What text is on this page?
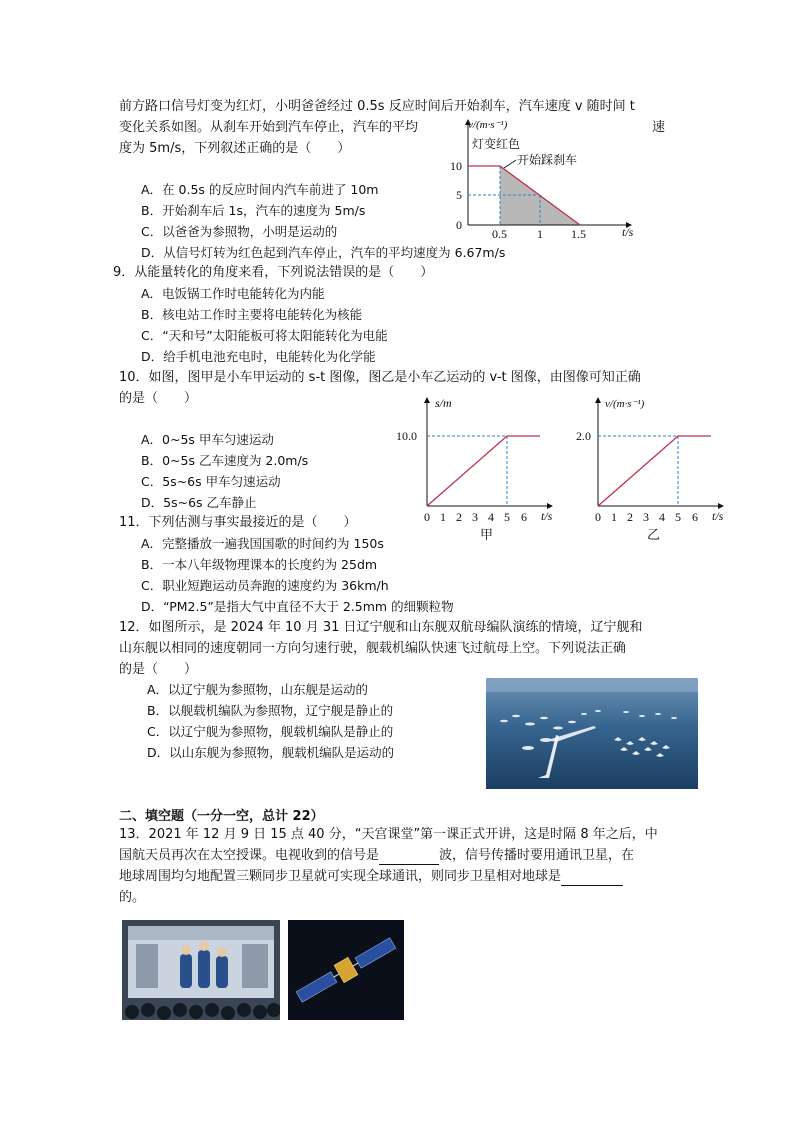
前方路口信号灯变为红灯，小明爸爸经过 0.5s 反应时间后开始刹车，汽车速度 v 随时间 t
变化关系如图。从刹车开始到汽车停止，汽车的平均	速
度为 5m/s，下列叙述正确的是（　　）
A．在 0.5s 的反应时间内汽车前进了 10m
B．开始刹车后 1s，汽车的速度为 5m/s
C．以爸爸为参照物，小明是运动的
D．从信号灯转为红色起到汽车停止，汽车的平均速度为 6.67m/s
v/(m·s⁻¹)
灯变红色
开始踩刹车
10
5
0
0.5	1 1.5	t/s
9．从能量转化的角度来看，下列说法错误的是（　　）
A．电饭锅工作时电能转化为内能
B．核电站工作时主要将电能转化为核能
C．“天和号”太阳能板可将太阳能转化为电能
D．给手机电池充电时，电能转化为化学能
10．如图，图甲是小车甲运动的 s-t 图像，图乙是小车乙运动的 v-t 图像，由图像可知正确
的是（　　）
A．0~5s 甲车匀速运动
B．0~5s 乙车速度为 2.0m/s
C．5s~6s 甲车匀速运动
D．5s~6s 乙车静止
s/m
10.0
0 1 2 3 4 5 6 t/s
甲
v/(m·s⁻¹)
2.0
0 1 2 3 4 5 6 t/s
乙
11．下列估测与事实最接近的是（　　）
A．完整播放一遍我国国歌的时间约为 150s
B．一本八年级物理课本的长度约为 25dm
C．职业短跑运动员奔跑的速度约为 36km/h
D．“PM2.5”是指大气中直径不大于 2.5mm 的细颗粒物
12．如图所示，是 2024 年 10 月 31 日辽宁舰和山东舰双航母编队演练的情境，辽宁舰和
山东舰以相同的速度朝同一方向匀速行驶，舰载机编队快速飞过航母上空。下列说法正确
的是（　　）
A．以辽宁舰为参照物，山东舰是运动的
B．以舰载机编队为参照物，辽宁舰是静止的
C．以辽宁舰为参照物，舰载机编队是静止的
D．以山东舰为参照物，舰载机编队是运动的
二、填空题（一分一空，总计 22）
13．2021 年 12 月 9 日 15 点 40 分，“天宫课堂”第一课正式开讲，这是时隔 8 年之后，中
国航天员再次在太空授课。电视收到的信号是	波，信号传播时要用通讯卫星，在
地球周围均匀地配置三颗同步卫星就可实现全球通讯，则同步卫星相对地球是
的。
